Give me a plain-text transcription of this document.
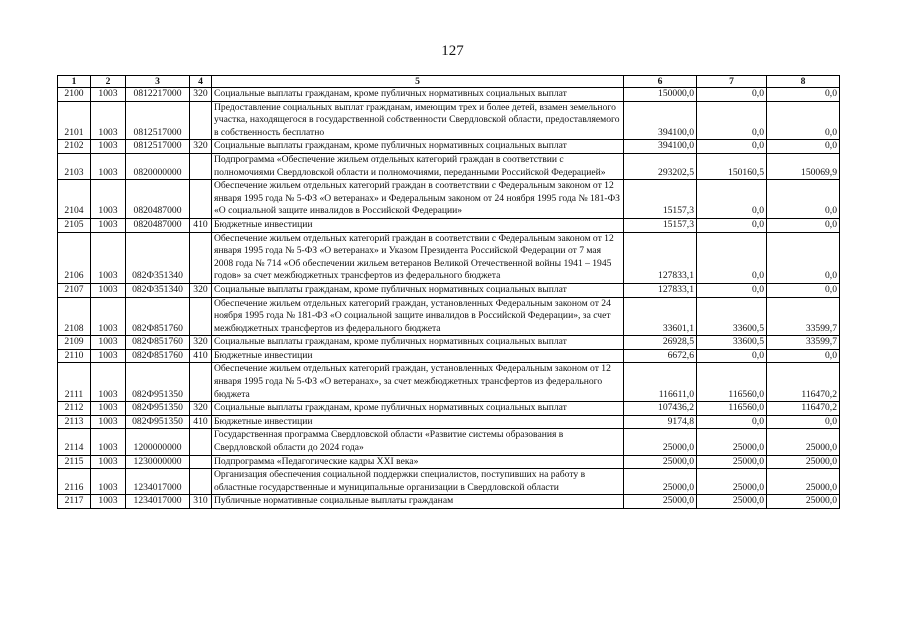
127
1	2	3	4	5	6	7	8
2100	1003	0812217000	320	Социальные выплаты гражданам, кроме публичных нормативных социальных выплат	150000,0	0,0	0,0
2101	1003	0812517000		Предоставление социальных выплат гражданам, имеющим трех и более детей, взамен земельного участка, находящегося в государственной собственности Свердловской области, предоставляемого в собственность бесплатно	394100,0	0,0	0,0
2102	1003	0812517000	320	Социальные выплаты гражданам, кроме публичных нормативных социальных выплат	394100,0	0,0	0,0
2103	1003	0820000000		Подпрограмма «Обеспечение жильем отдельных категорий граждан в соответствии с полномочиями Свердловской области и полномочиями, переданными Российской Федерацией»	293202,5	150160,5	150069,9
2104	1003	0820487000		Обеспечение жильем отдельных категорий граждан в соответствии с Федеральным законом от 12 января 1995 года № 5-ФЗ «О ветеранах» и Федеральным законом от 24 ноября 1995 года № 181-ФЗ «О социальной защите инвалидов в Российской Федерации»	15157,3	0,0	0,0
2105	1003	0820487000	410	Бюджетные инвестиции	15157,3	0,0	0,0
2106	1003	082Ф351340		Обеспечение жильем отдельных категорий граждан в соответствии с Федеральным законом от 12 января 1995 года № 5-ФЗ «О ветеранах» и Указом Президента Российской Федерации от 7 мая 2008 года № 714 «Об обеспечении жильем ветеранов Великой Отечественной войны 1941 – 1945 годов» за счет межбюджетных трансфертов из федерального бюджета	127833,1	0,0	0,0
2107	1003	082Ф351340	320	Социальные выплаты гражданам, кроме публичных нормативных социальных выплат	127833,1	0,0	0,0
2108	1003	082Ф851760		Обеспечение жильем отдельных категорий граждан, установленных Федеральным законом от 24 ноября 1995 года № 181-ФЗ «О социальной защите инвалидов в Российской Федерации», за счет межбюджетных трансфертов из федерального бюджета	33601,1	33600,5	33599,7
2109	1003	082Ф851760	320	Социальные выплаты гражданам, кроме публичных нормативных социальных выплат	26928,5	33600,5	33599,7
2110	1003	082Ф851760	410	Бюджетные инвестиции	6672,6	0,0	0,0
2111	1003	082Ф951350		Обеспечение жильем отдельных категорий граждан, установленных Федеральным законом от 12 января 1995 года № 5-ФЗ «О ветеранах», за счет межбюджетных трансфертов из федерального бюджета	116611,0	116560,0	116470,2
2112	1003	082Ф951350	320	Социальные выплаты гражданам, кроме публичных нормативных социальных выплат	107436,2	116560,0	116470,2
2113	1003	082Ф951350	410	Бюджетные инвестиции	9174,8	0,0	0,0
2114	1003	1200000000		Государственная программа Свердловской области «Развитие системы образования в Свердловской области до 2024 года»	25000,0	25000,0	25000,0
2115	1003	1230000000		Подпрограмма «Педагогические кадры XXI века»	25000,0	25000,0	25000,0
2116	1003	1234017000		Организация обеспечения социальной поддержки специалистов, поступивших на работу в областные государственные и муниципальные организации в Свердловской области	25000,0	25000,0	25000,0
2117	1003	1234017000	310	Публичные нормативные социальные выплаты гражданам	25000,0	25000,0	25000,0
